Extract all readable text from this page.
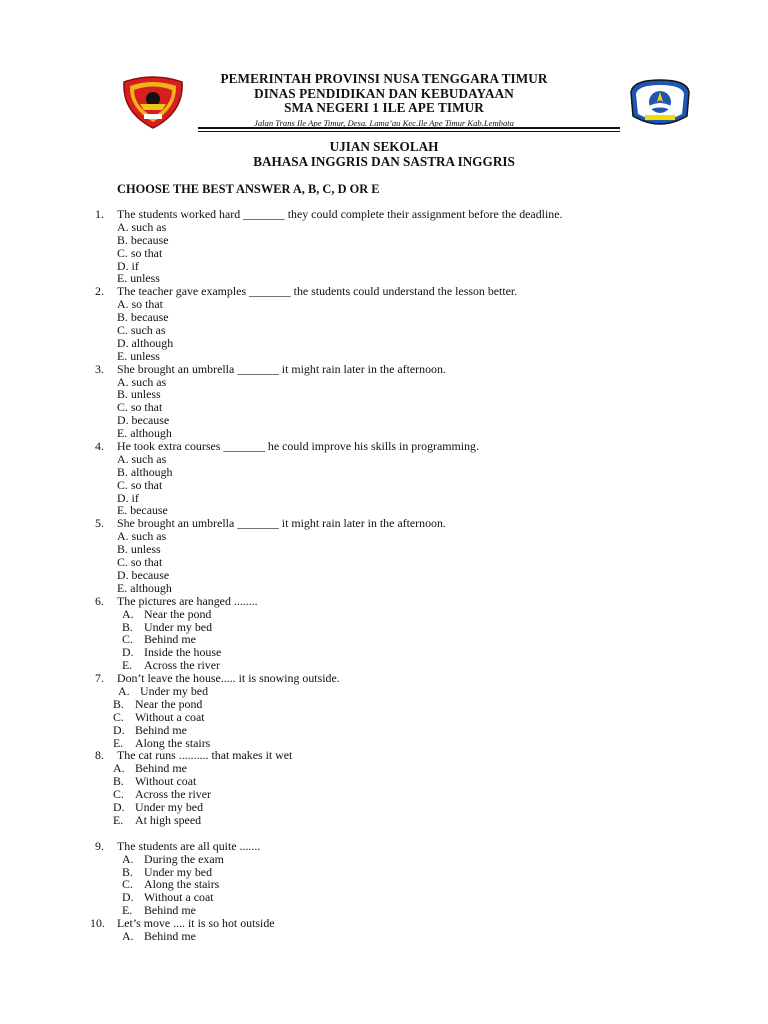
PEMERINTAH PROVINSI NUSA TENGGARA TIMUR
DINAS PENDIDIKAN DAN KEBUDAYAAN
SMA NEGERI 1 ILE APE TIMUR
Jalan Trans Ile Ape Timur, Desa. Lama’au Kec.Ile Ape Timur Kab.Lembata
UJIAN SEKOLAH
BAHASA INGGRIS DAN SASTRA INGGRIS
CHOOSE THE BEST ANSWER A, B, C, D OR E
1. The students worked hard _______ they could complete their assignment before the deadline.
A. such as
B. because
C. so that
D. if
E. unless
2. The teacher gave examples _______ the students could understand the lesson better.
A. so that
B. because
C. such as
D. although
E. unless
3. She brought an umbrella _______ it might rain later in the afternoon.
A. such as
B. unless
C. so that
D. because
E. although
4. He took extra courses _______ he could improve his skills in programming.
A. such as
B. although
C. so that
D. if
E. because
5. She brought an umbrella _______ it might rain later in the afternoon.
A. such as
B. unless
C. so that
D. because
E. although
6. The pictures are hanged ........
A. Near the pond
B. Under my bed
C. Behind me
D. Inside the house
E. Across the river
7. Don’t leave the house..... it is snowing outside.
A. Under my bed
B. Near the pond
C. Without a coat
D. Behind me
E. Along the stairs
8. The cat runs .......... that makes it wet
A. Behind me
B. Without coat
C. Across the river
D. Under my bed
E. At high speed
9. The students are all quite .......
A. During the exam
B. Under my bed
C. Along the stairs
D. Without a coat
E. Behind me
10. Let’s move .... it is so hot outside
A. Behind me
